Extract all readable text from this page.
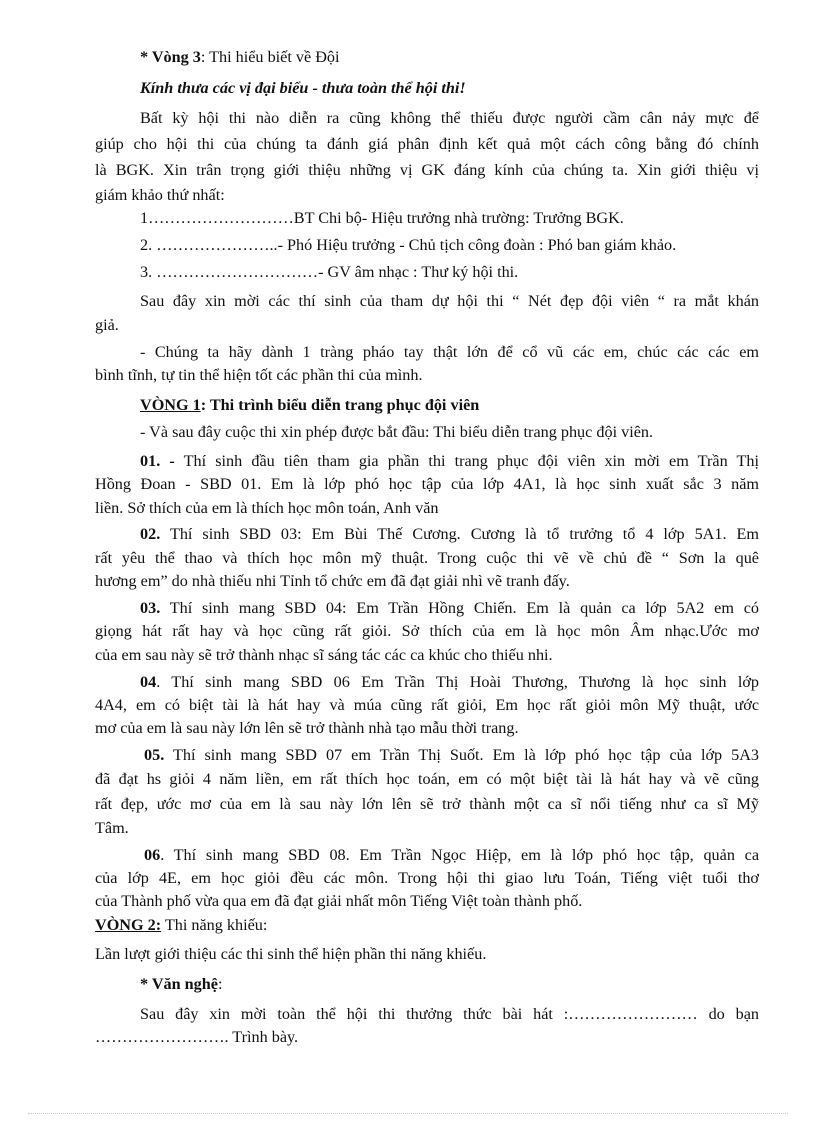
* Vòng 3: Thi hiểu biết về Đội
Kính thưa các vị đại biểu - thưa toàn thể hội thi!
Bất kỳ hội thi nào diễn ra cũng không thể thiếu được người cầm cân nảy mực để
giúp cho hội thi của chúng ta đánh giá phân định kết quả một cách công bằng đó chính
là BGK. Xin trân trọng giới thiệu những vị GK đáng kính của chúng ta. Xin giới thiệu vị
giám khảo thứ nhất:
1………………………BT Chi bộ- Hiệu trưởng nhà trường: Trưởng BGK.
2. …………………..- Phó Hiệu trưởng - Chủ tịch công đoàn : Phó ban giám khảo.
3. …………………………- GV âm nhạc : Thư ký hội thi.
Sau đây xin mời các thí sinh của tham dự hội thi “ Nét đẹp đội viên “ ra mắt khán
giả.
- Chúng ta hãy dành 1 tràng pháo tay thật lớn để cổ vũ các em, chúc các các em
bình tĩnh, tự tin thể hiện tốt các phần thi của mình.
VÒNG 1: Thi trình biểu diễn trang phục đội viên
- Và sau đây cuộc thi xin phép được bắt đầu: Thi biểu diễn trang phục đội viên.
01. - Thí sinh đầu tiên tham gia phần thi trang phục đội viên xin mời em Trần Thị
Hồng Đoan - SBD 01. Em là lớp phó học tập của lớp 4A1, là học sinh xuất sắc 3 năm
liền. Sở thích của em là thích học môn toán, Anh văn
02. Thí sinh SBD 03: Em Bùi Thế Cương. Cương là tổ trưởng tổ 4 lớp 5A1. Em
rất yêu thể thao và thích học môn mỹ thuật. Trong cuộc thi vẽ về chủ đề “ Sơn la quê
hương em” do nhà thiếu nhi Tỉnh tổ chức em đã đạt giải nhì vẽ tranh đấy.
03. Thí sinh mang SBD 04: Em Trần Hồng Chiến. Em là quản ca lớp 5A2 em có
giọng hát rất hay và học cũng rất giỏi. Sở thích của em là học môn Âm nhạc.Ước mơ
của em sau này sẽ trở thành nhạc sĩ sáng tác các ca khúc cho thiếu nhi.
04. Thí sinh mang SBD 06 Em Trần Thị Hoài Thương, Thương là học sinh lớp
4A4, em có biệt tài là hát hay và múa cũng rất giỏi, Em học rất giỏi môn Mỹ thuật, ước
mơ của em là sau này lớn lên sẽ trở thành nhà tạo mẫu thời trang.
05. Thí sinh mang SBD 07 em Trần Thị Suốt. Em là lớp phó học tập của lớp 5A3
đã đạt hs giỏi 4 năm liền, em rất thích học toán, em có một biệt tài là hát hay và vẽ cũng
rất đẹp, ước mơ của em là sau này lớn lên sẽ trở thành một ca sĩ nổi tiếng như ca sĩ Mỹ
Tâm.
06. Thí sinh mang SBD 08. Em Trần Ngọc Hiệp, em là lớp phó học tập, quản ca
của lớp 4E, em học giỏi đều các môn. Trong hội thi giao lưu Toán, Tiếng việt tuổi thơ
của Thành phố vừa qua em đã đạt giải nhất môn Tiếng Việt toàn thành phố.
VÒNG 2: Thi năng khiếu:
Lần lượt giới thiệu các thi sinh thể hiện phần thi năng khiếu.
* Văn nghệ:
Sau đây xin mời toàn thể hội thi thưởng thức bài hát :…………………… do bạn
……………………. Trình bày.
